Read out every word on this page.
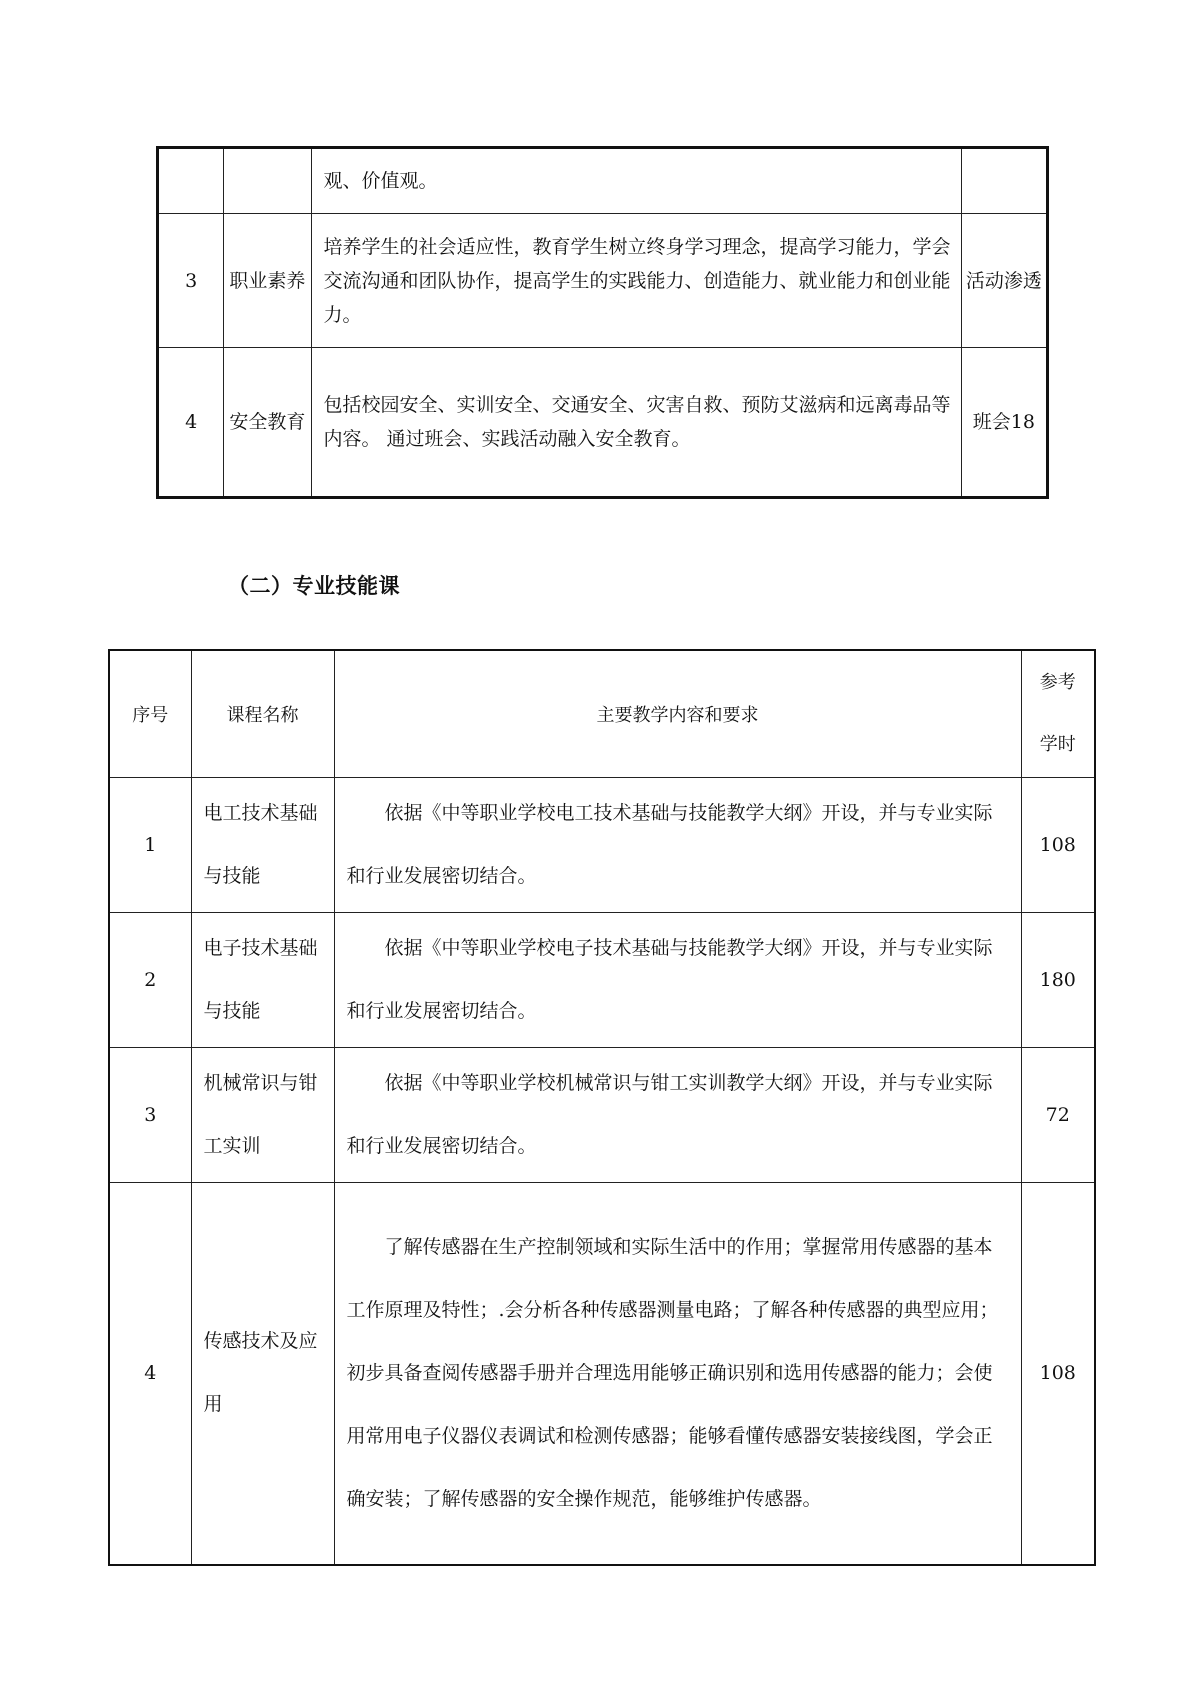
		观、价值观。	
3	职业素养	培养学生的社会适应性，教育学生树立终身学习理念，提高学习能力，学会交流沟通和团队协作，提高学生的实践能力、创造能力、就业能力和创业能力。	活动渗透
4	安全教育	包括校园安全、实训安全、交通安全、灾害自救、预防艾滋病和远离毒品等内容。 通过班会、实践活动融入安全教育。	班会18
（二）专业技能课
序号	课程名称	主要教学内容和要求	参考学时
1	电工技术基础与技能	依据《中等职业学校电工技术基础与技能教学大纲》开设，并与专业实际和行业发展密切结合。	108
2	电子技术基础与技能	依据《中等职业学校电子技术基础与技能教学大纲》开设，并与专业实际和行业发展密切结合。	180
3	机械常识与钳工实训	依据《中等职业学校机械常识与钳工实训教学大纲》开设，并与专业实际和行业发展密切结合。	72
4	传感技术及应用	了解传感器在生产控制领域和实际生活中的作用；掌握常用传感器的基本工作原理及特性；.会分析各种传感器测量电路；了解各种传感器的典型应用；初步具备查阅传感器手册并合理选用能够正确识别和选用传感器的能力；会使用常用电子仪器仪表调试和检测传感器；能够看懂传感器安装接线图，学会正确安装；了解传感器的安全操作规范，能够维护传感器。	108
